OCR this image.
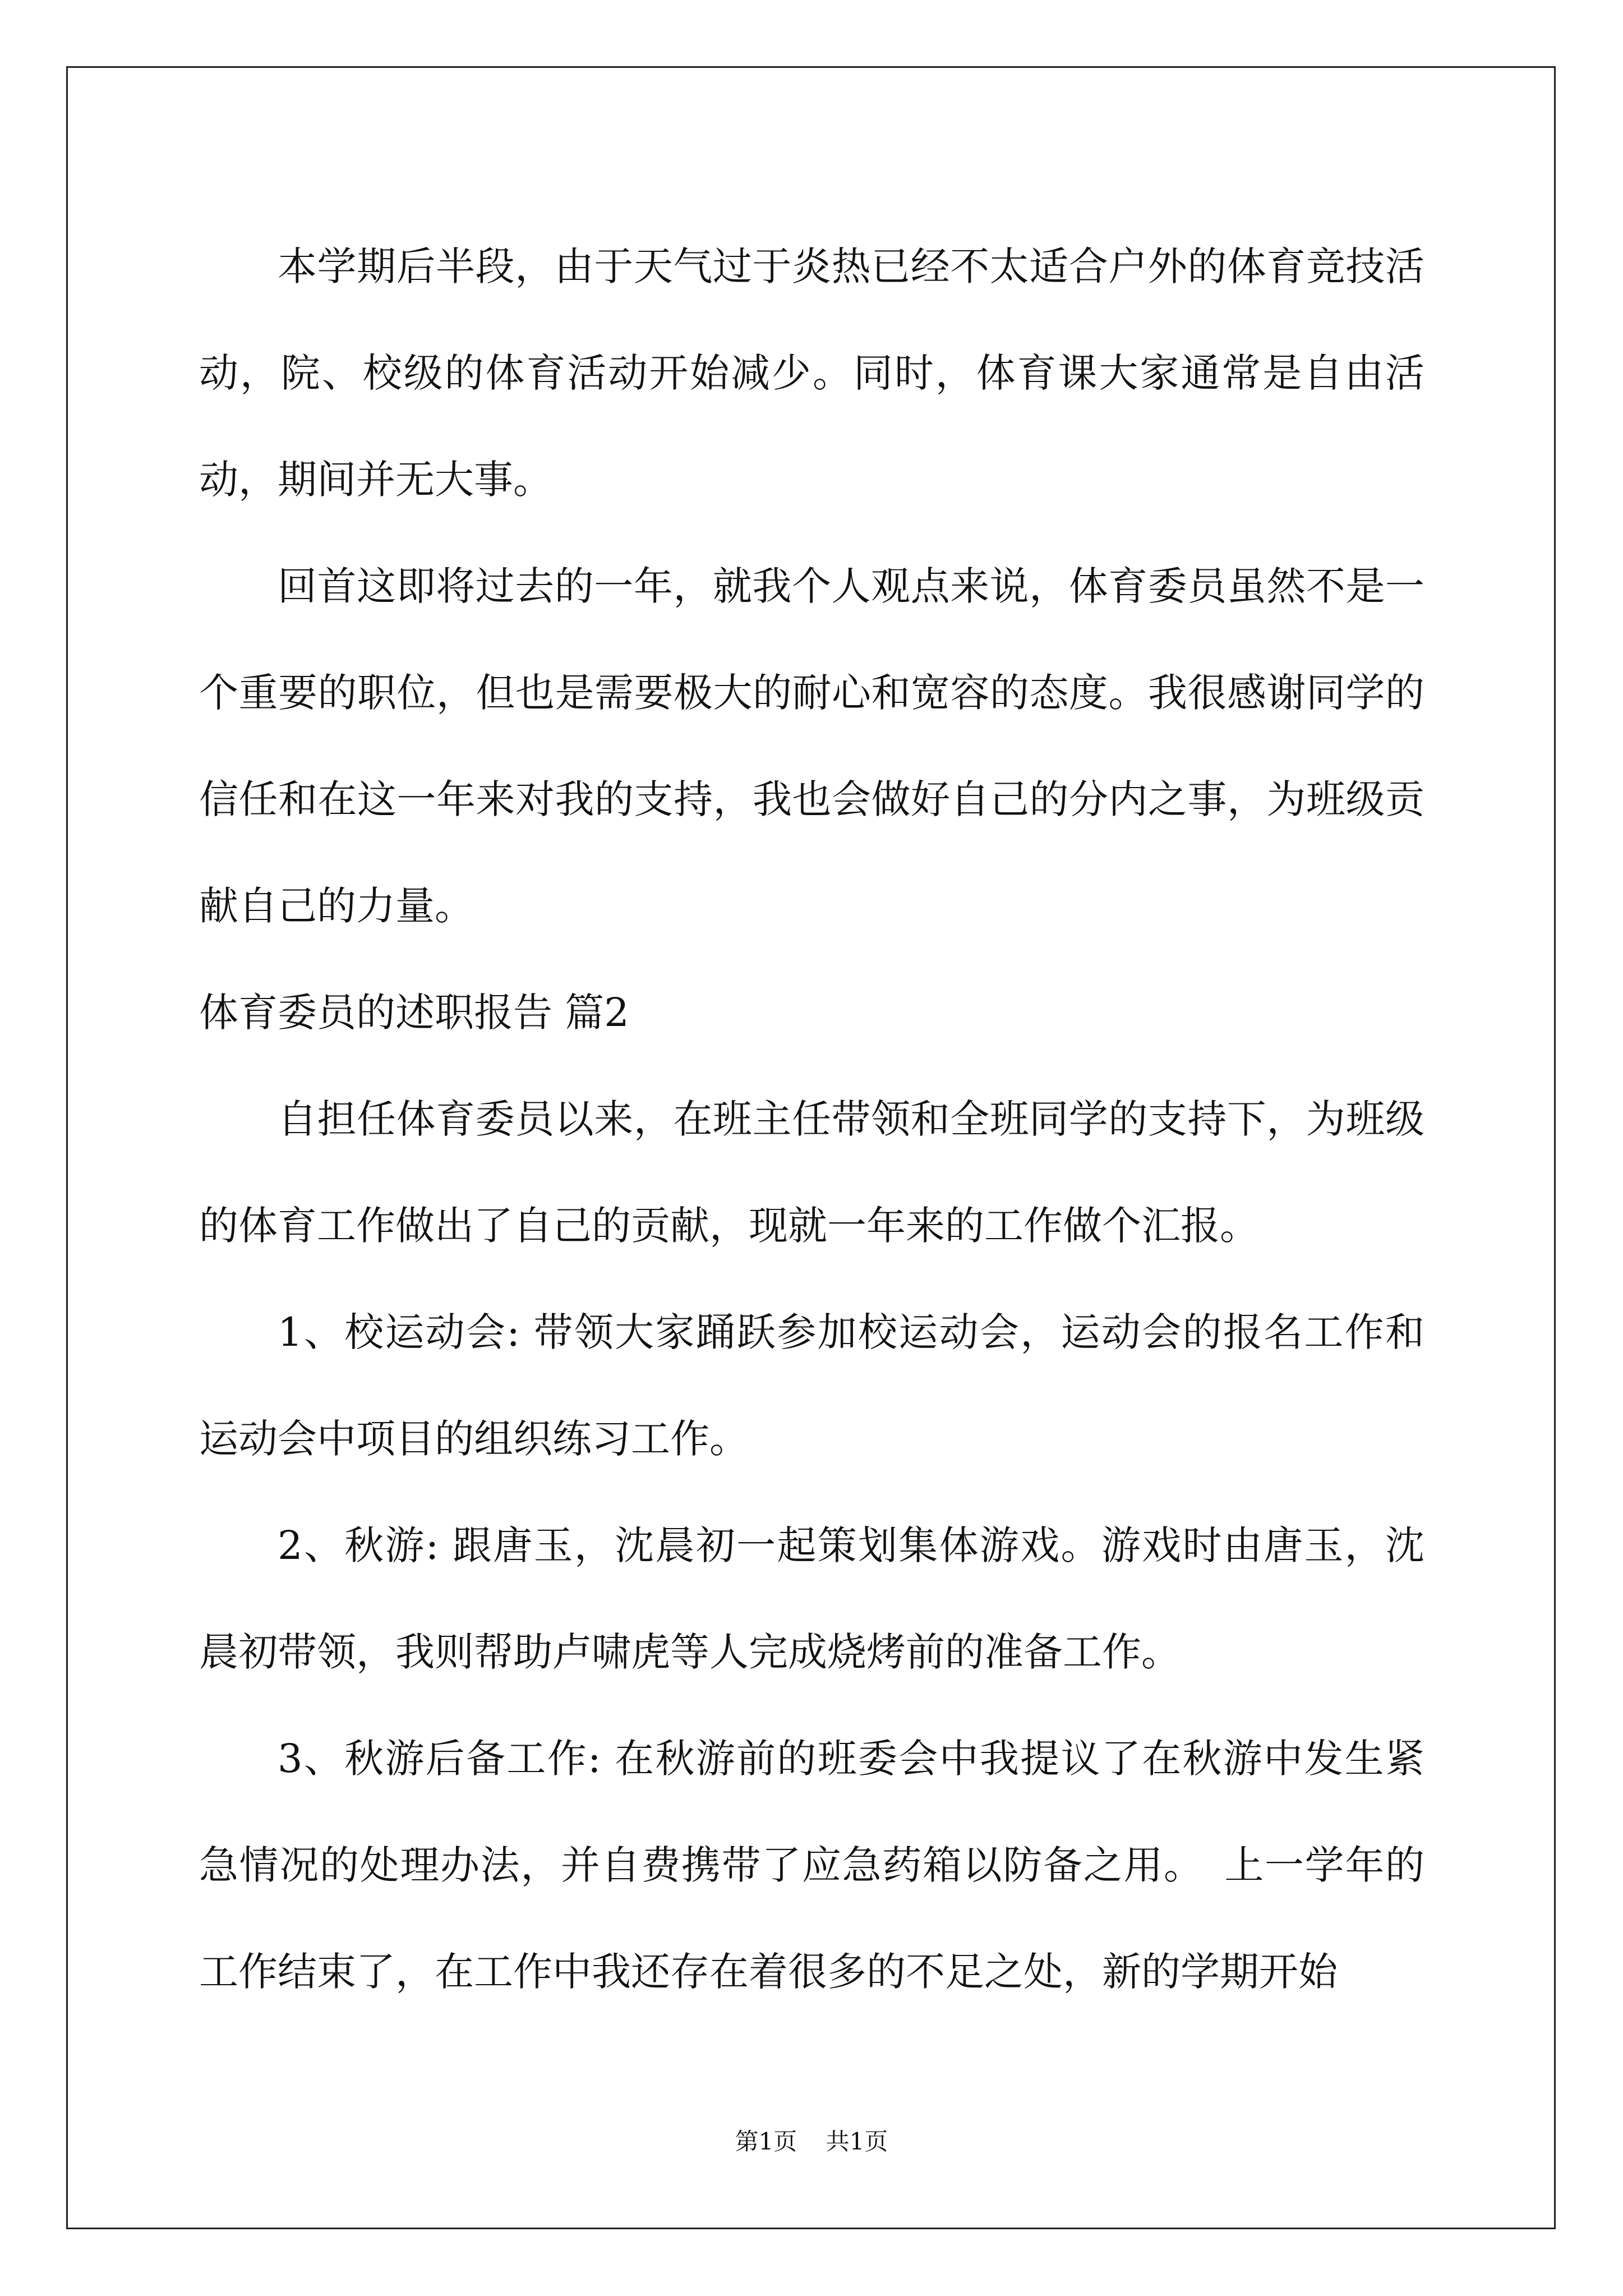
本学期后半段，由于天气过于炎热已经不太适合户外的体育竞技活动，院、校级的体育活动开始减少。同时，体育课大家通常是自由活动，期间并无大事。

回首这即将过去的一年，就我个人观点来说，体育委员虽然不是一个重要的职位，但也是需要极大的耐心和宽容的态度。我很感谢同学的信任和在这一年来对我的支持，我也会做好自己的分内之事，为班级贡献自己的力量。

体育委员的述职报告 篇2

自担任体育委员以来，在班主任带领和全班同学的支持下，为班级的体育工作做出了自己的贡献，现就一年来的工作做个汇报。

1、校运动会: 带领大家踊跃参加校运动会，运动会的报名工作和运动会中项目的组织练习工作。

2、秋游: 跟唐玉，沈晨初一起策划集体游戏。游戏时由唐玉，沈晨初带领，我则帮助卢啸虎等人完成烧烤前的准备工作。

3、秋游后备工作: 在秋游前的班委会中我提议了在秋游中发生紧急情况的处理办法，并自费携带了应急药箱以防备之用。　上一学年的工作结束了，在工作中我还存在着很多的不足之处，新的学期开始

第1页 共1页
